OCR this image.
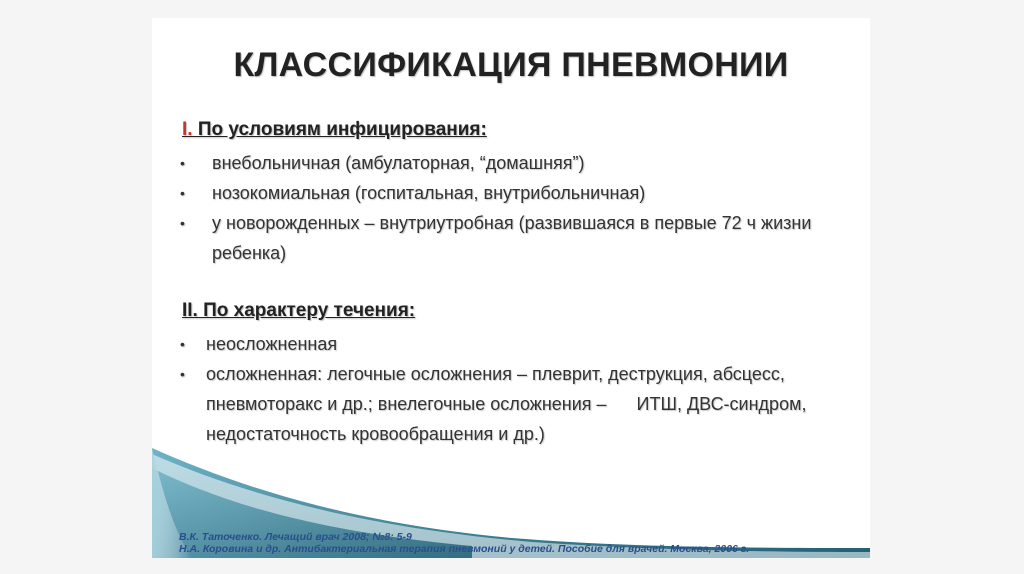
КЛАССИФИКАЦИЯ ПНЕВМОНИИ
I. По условиям инфицирования:
• внебольничная (амбулаторная, “домашняя”)
• нозокомиальная (госпитальная, внутрибольничная)
• у новорожденных – внутриутробная (развившаяся в первые 72 ч жизни ребенка)
II. По характеру течения:
• неосложненная
• осложненная: легочные осложнения – плеврит, деструкция, абсцесс, пневмоторакс и др.; внелегочные осложнения –      ИТШ, ДВС-синдром, недостаточность кровообращения и др.)
В.К. Таточенко. Лечащий врач 2008; №8: 5-9
Н.А. Коровина и др. Антибактериальная терапия пневмоний у детей. Пособие для врачей. Москва, 2006 г.
